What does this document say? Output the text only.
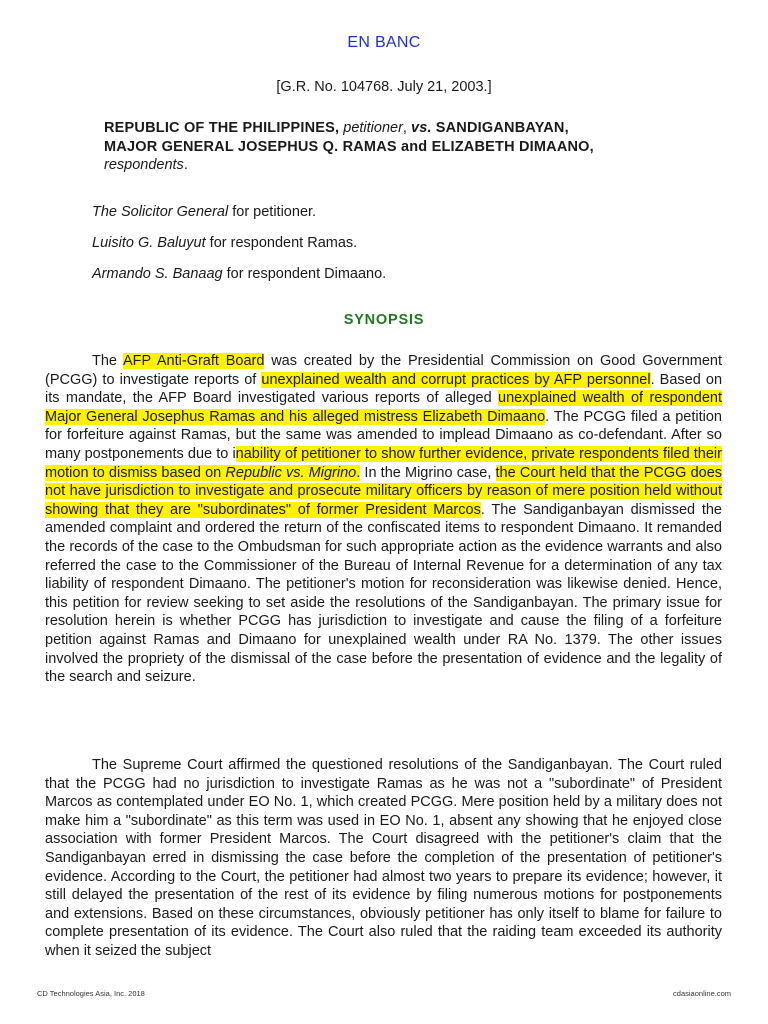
EN BANC
[G.R. No. 104768. July 21, 2003.]
REPUBLIC OF THE PHILIPPINES, petitioner, vs. SANDIGANBAYAN,
MAJOR GENERAL JOSEPHUS Q. RAMAS and ELIZABETH DIMAANO,
respondents.
The Solicitor General for petitioner.
Luisito G. Baluyut for respondent Ramas.
Armando S. Banaag for respondent Dimaano.
SYNOPSIS

The AFP Anti-Graft Board was created by the Presidential Commission on Good Government (PCGG) to investigate reports of unexplained wealth and corrupt practices by AFP personnel. Based on its mandate, the AFP Board investigated various reports of alleged unexplained wealth of respondent Major General Josephus Ramas and his alleged mistress Elizabeth Dimaano. The PCGG filed a petition for forfeiture against Ramas, but the same was amended to implead Dimaano as co-defendant. After so many postponements due to inability of petitioner to show further evidence, private respondents filed their motion to dismiss based on Republic vs. Migrino. In the Migrino case, the Court held that the PCGG does not have jurisdiction to investigate and prosecute military officers by reason of mere position held without showing that they are "subordinates" of former President Marcos. The Sandiganbayan dismissed the amended complaint and ordered the return of the confiscated items to respondent Dimaano. It remanded the records of the case to the Ombudsman for such appropriate action as the evidence warrants and also referred the case to the Commissioner of the Bureau of Internal Revenue for a determination of any tax liability of respondent Dimaano. The petitioner's motion for reconsideration was likewise denied. Hence, this petition for review seeking to set aside the resolutions of the Sandiganbayan. The primary issue for resolution herein is whether PCGG has jurisdiction to investigate and cause the filing of a forfeiture petition against Ramas and Dimaano for unexplained wealth under RA No. 1379. The other issues involved the propriety of the dismissal of the case before the presentation of evidence and the legality of the search and seizure.

The Supreme Court affirmed the questioned resolutions of the Sandiganbayan. The Court ruled that the PCGG had no jurisdiction to investigate Ramas as he was not a "subordinate" of President Marcos as contemplated under EO No. 1, which created PCGG. Mere position held by a military does not make him a "subordinate" as this term was used in EO No. 1, absent any showing that he enjoyed close association with former President Marcos. The Court disagreed with the petitioner's claim that the Sandiganbayan erred in dismissing the case before the completion of the presentation of petitioner's evidence. According to the Court, the petitioner had almost two years to prepare its evidence; however, it still delayed the presentation of the rest of its evidence by filing numerous motions for postponements and extensions. Based on these circumstances, obviously petitioner has only itself to blame for failure to complete presentation of its evidence. The Court also ruled that the raiding team exceeded its authority when it seized the subject

CD Technologies Asia, Inc. 2018	cdasiaonline.com
